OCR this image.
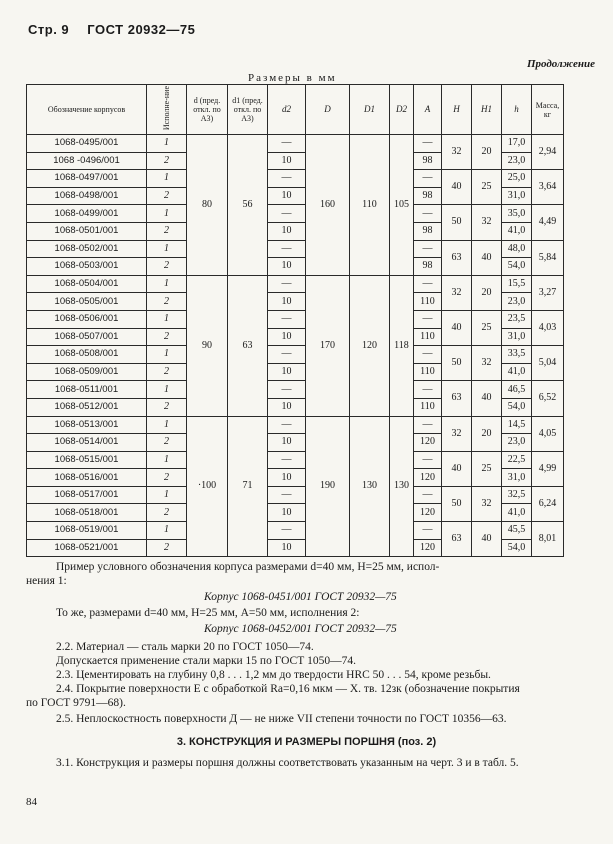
Стр. 9 ГОСТ 20932—75
Продолжение
Размеры в мм
Обозначение корпусов	Исполне-ние	d (пред. откл. по A3)	d1 (пред. откл. по A3)	d2	D	D1	D2	A	H	H1	h	Масса, кг
1068-0495/001	1	80	56	—	160	110	105	—	32	20	17,0	2,94
1068 -0496/001	2			10				98			23,0	
1068-0497/001	1			—				—	40	25	25,0	3,64
1068-0498/001	2			10				98			31,0	
1068-0499/001	1			—				—	50	32	35,0	4,49
1068-0501/001	2			10				98			41,0	
1068-0502/001	1			—				—	63	40	48,0	5,84
1068-0503/001	2			10				98			54,0	
1068-0504/001	1	90	63	—	170	120	118	—	32	20	15,5	3,27
1068-0505/001	2			10				110			23,0	
1068-0506/001	1			—				—	40	25	23,5	4,03
1068-0507/001	2			10				110			31,0	
1068-0508/001	1			—				—	50	32	33,5	5,04
1068-0509/001	2			10				110			41,0	
1068-0511/001	1			—				—	63	40	46,5	6,52
1068-0512/001	2			10				110			54,0	
1068-0513/001	1	·100	71	—	190	130	130	—	32	20	14,5	4,05
1068-0514/001	2			10				120			23,0	
1068-0515/001	1			—				—	40	25	22,5	4,99
1068-0516/001	2			10				120			31,0	
1068-0517/001	1			—				—	50	32	32,5	6,24
1068-0518/001	2			10				120			41,0	
1068-0519/001	1			—				—	63	40	45,5	8,01
1068-0521/001	2			10				120			54,0	
Пример условного обозначения корпуса размерами d=40 мм, H=25 мм, испол-
нения 1:
Корпус 1068-0451/001 ГОСТ 20932—75
То же, размерами d=40 мм, H=25 мм, A=50 мм, исполнения 2:
Корпус 1068-0452/001 ГОСТ 20932—75
2.2. Материал — сталь марки 20 по ГОСТ 1050—74.
Допускается применение стали марки 15 по ГОСТ 1050—74.
2.3. Цементировать на глубину 0,8 . . . 1,2 мм до твердости HRC 50 . . . 54, кроме резьбы.
2.4. Покрытие поверхности E с обработкой Ra=0,16 мкм — X. тв. 12зк (обозначение покрытия
по ГОСТ 9791—68).
2.5. Неплоскостность поверхности Д — не ниже VII степени точности по ГОСТ 10356—63.
3. КОНСТРУКЦИЯ И РАЗМЕРЫ ПОРШНЯ (поз. 2)
3.1. Конструкция и размеры поршня должны соответствовать указанным на черт. 3 и в табл. 5.
84
